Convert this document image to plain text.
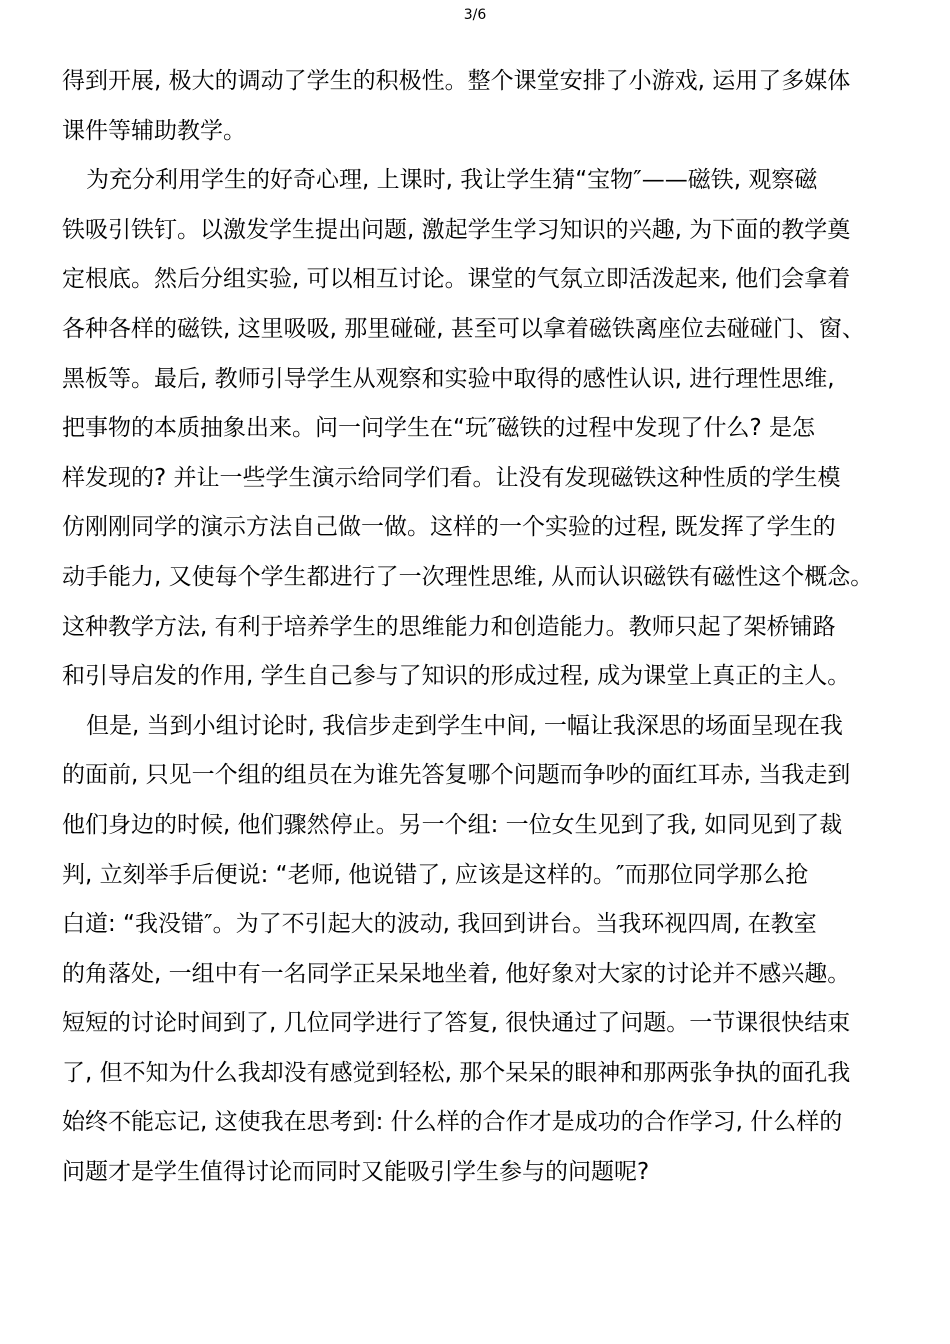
3/6
得到开展, 极大的调动了学生的积极性。整个课堂安排了小游戏, 运用了多媒体
课件等辅助教学。
为充分利用学生的好奇心理, 上课时, 我让学生猜“宝物″——磁铁, 观察磁
铁吸引铁钉。以激发学生提出问题, 激起学生学习知识的兴趣, 为下面的教学奠
定根底。然后分组实验, 可以相互讨论。课堂的气氛立即活泼起来, 他们会拿着
各种各样的磁铁, 这里吸吸, 那里碰碰, 甚至可以拿着磁铁离座位去碰碰门、窗、
黑板等。最后, 教师引导学生从观察和实验中取得的感性认识, 进行理性思维,
把事物的本质抽象出来。问一问学生在“玩″磁铁的过程中发现了什么? 是怎
样发现的? 并让一些学生演示给同学们看。让没有发现磁铁这种性质的学生模
仿刚刚同学的演示方法自己做一做。这样的一个实验的过程, 既发挥了学生的
动手能力, 又使每个学生都进行了一次理性思维, 从而认识磁铁有磁性这个概念。
这种教学方法, 有利于培养学生的思维能力和创造能力。教师只起了架桥铺路
和引导启发的作用, 学生自己参与了知识的形成过程, 成为课堂上真正的主人。
但是, 当到小组讨论时, 我信步走到学生中间, 一幅让我深思的场面呈现在我
的面前, 只见一个组的组员在为谁先答复哪个问题而争吵的面红耳赤, 当我走到
他们身边的时候, 他们骤然停止。另一个组: 一位女生见到了我, 如同见到了裁
判, 立刻举手后便说: “老师, 他说错了, 应该是这样的。″而那位同学那么抢
白道: “我没错″。为了不引起大的波动, 我回到讲台。当我环视四周, 在教室
的角落处, 一组中有一名同学正呆呆地坐着, 他好象对大家的讨论并不感兴趣。
短短的讨论时间到了, 几位同学进行了答复, 很快通过了问题。一节课很快结束
了, 但不知为什么我却没有感觉到轻松, 那个呆呆的眼神和那两张争执的面孔我
始终不能忘记, 这使我在思考到: 什么样的合作才是成功的合作学习, 什么样的
问题才是学生值得讨论而同时又能吸引学生参与的问题呢?
